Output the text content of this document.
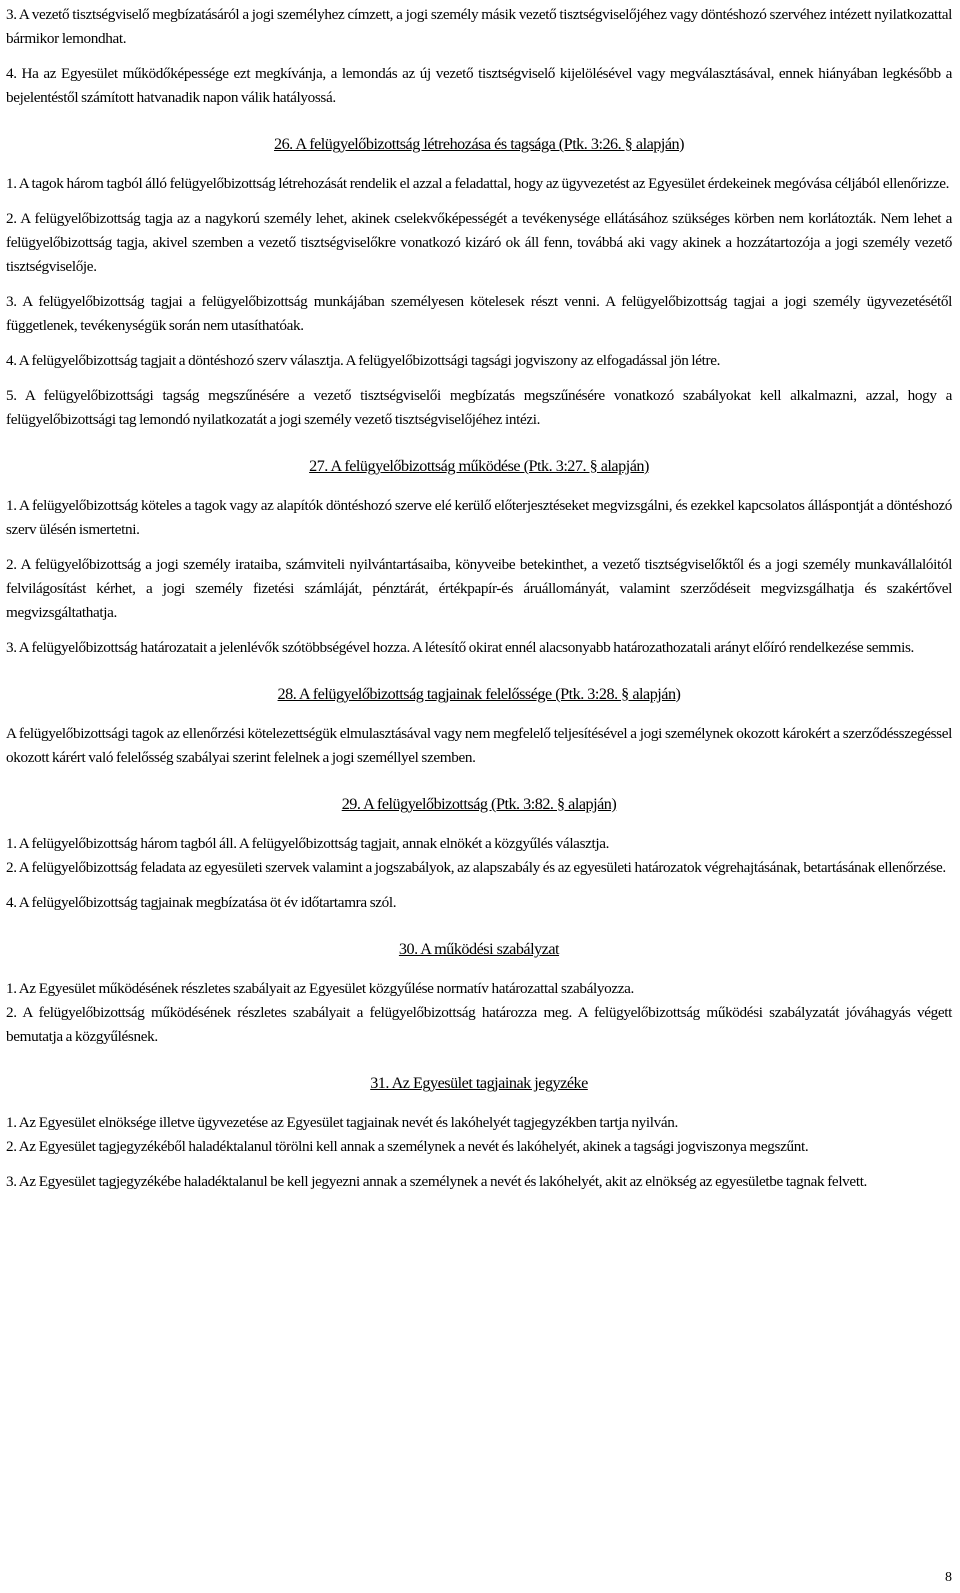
3. A vezető tisztségviselő megbízatásáról a jogi személyhez címzett, a jogi személy másik vezető tisztségviselőjéhez vagy döntéshozó szervéhez intézett nyilatkozattal bármikor lemondhat.

4. Ha az Egyesület működőképessége ezt megkívánja, a lemondás az új vezető tisztségviselő kijelölésével vagy megválasztásával, ennek hiányában legkésőbb a bejelentéstől számított hatvanadik napon válik hatályossá.

26. A felügyelőbizottság létrehozása és tagsága (Ptk. 3:26. § alapján)

1. A tagok három tagból álló felügyelőbizottság létrehozását rendelik el azzal a feladattal, hogy az ügyvezetést az Egyesület érdekeinek megóvása céljából ellenőrizze.

2. A felügyelőbizottság tagja az a nagykorú személy lehet, akinek cselekvőképességét a tevékenysége ellátásához szükséges körben nem korlátozták. Nem lehet a felügyelőbizottság tagja, akivel szemben a vezető tisztségviselőkre vonatkozó kizáró ok áll fenn, továbbá aki vagy akinek a hozzátartozója a jogi személy vezető tisztségviselője.

3. A felügyelőbizottság tagjai a felügyelőbizottság munkájában személyesen kötelesek részt venni. A felügyelőbizottság tagjai a jogi személy ügyvezetésétől függetlenek, tevékenységük során nem utasíthatóak.

4. A felügyelőbizottság tagjait a döntéshozó szerv választja. A felügyelőbizottsági tagsági jogviszony az elfogadással jön létre.

5. A felügyelőbizottsági tagság megszűnésére a vezető tisztségviselői megbízatás megszűnésére vonatkozó szabályokat kell alkalmazni, azzal, hogy a felügyelőbizottsági tag lemondó nyilatkozatát a jogi személy vezető tisztségviselőjéhez intézi.

27. A felügyelőbizottság működése (Ptk. 3:27. § alapján)

1. A felügyelőbizottság köteles a tagok vagy az alapítók döntéshozó szerve elé kerülő előterjesztéseket megvizsgálni, és ezekkel kapcsolatos álláspontját a döntéshozó szerv ülésén ismertetni.

2. A felügyelőbizottság a jogi személy irataiba, számviteli nyilvántartásaiba, könyveibe betekinthet, a vezető tisztségviselőktől és a jogi személy munkavállalóitól felvilágosítást kérhet, a jogi személy fizetési számláját, pénztárát, értékpapír-és áruállományát, valamint szerződéseit megvizsgálhatja és szakértővel megvizsgáltathatja.

3. A felügyelőbizottság határozatait a jelenlévők szótöbbségével hozza. A létesítő okirat ennél alacsonyabb határozathozatali arányt előíró rendelkezése semmis.

28. A felügyelőbizottság tagjainak felelőssége (Ptk. 3:28. § alapján)

A felügyelőbizottsági tagok az ellenőrzési kötelezettségük elmulasztásával vagy nem megfelelő teljesítésével a jogi személynek okozott károkért a szerződésszegéssel okozott kárért való felelősség szabályai szerint felelnek a jogi személlyel szemben.

29. A felügyelőbizottság (Ptk. 3:82. § alapján)

1. A felügyelőbizottság három tagból áll. A felügyelőbizottság tagjait, annak elnökét a közgyűlés választja.

2. A felügyelőbizottság feladata az egyesületi szervek valamint a jogszabályok, az alapszabály és az egyesületi határozatok végrehajtásának, betartásának ellenőrzése.

4. A felügyelőbizottság tagjainak megbízatása öt év időtartamra szól.

30. A működési szabályzat

1. Az Egyesület működésének részletes szabályait az Egyesület közgyűlése normatív határozattal szabályozza.

2. A felügyelőbizottság működésének részletes szabályait a felügyelőbizottság határozza meg. A felügyelőbizottság működési szabályzatát jóváhagyás végett bemutatja a közgyűlésnek.

31. Az Egyesület tagjainak jegyzéke

1. Az Egyesület elnöksége illetve ügyvezetése az Egyesület tagjainak nevét és lakóhelyét tagjegyzékben tartja nyilván.

2. Az Egyesület tagjegyzékéből haladéktalanul törölni kell annak a személynek a nevét és lakóhelyét, akinek a tagsági jogviszonya megszűnt.

3. Az Egyesület tagjegyzékébe haladéktalanul be kell jegyezni annak a személynek a nevét és lakóhelyét, akit az elnökség az egyesületbe tagnak felvett.

8
